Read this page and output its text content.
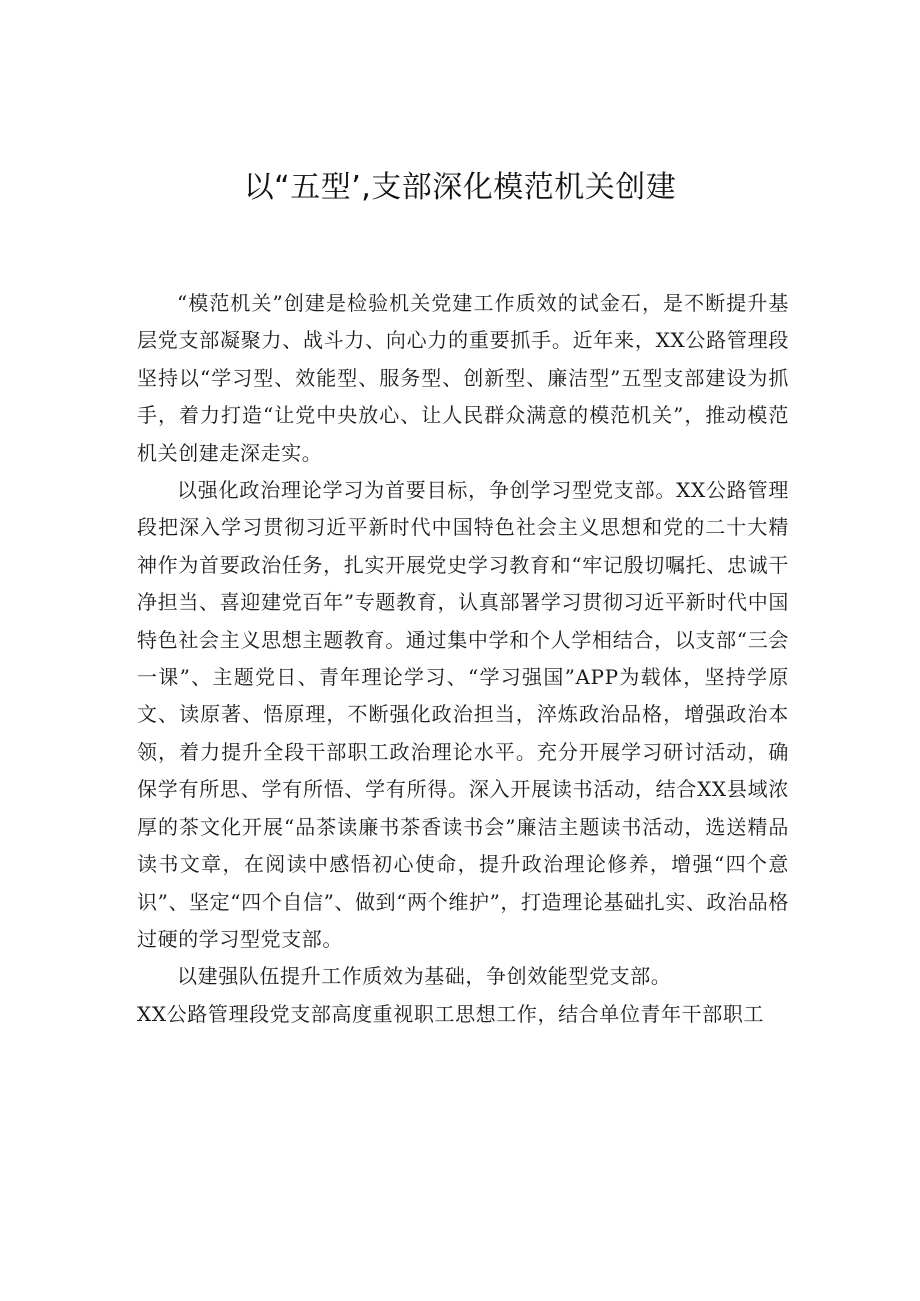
以“五型’,支部深化模范机关创建

“模范机关”创建是检验机关党建工作质效的试金石，是不断提升基层党支部凝聚力、战斗力、向心力的重要抓手。近年来，XX公路管理段坚持以“学习型、效能型、服务型、创新型、廉洁型”五型支部建设为抓手，着力打造“让党中央放心、让人民群众满意的模范机关”，推动模范机关创建走深走实。

以强化政治理论学习为首要目标，争创学习型党支部。XX公路管理段把深入学习贯彻习近平新时代中国特色社会主义思想和党的二十大精神作为首要政治任务，扎实开展党史学习教育和“牢记殷切嘱托、忠诚干净担当、喜迎建党百年”专题教育，认真部署学习贯彻习近平新时代中国特色社会主义思想主题教育。通过集中学和个人学相结合，以支部“三会一课”、主题党日、青年理论学习、“学习强国”APP为载体，坚持学原文、读原著、悟原理，不断强化政治担当，淬炼政治品格，增强政治本领，着力提升全段干部职工政治理论水平。充分开展学习研讨活动，确保学有所思、学有所悟、学有所得。深入开展读书活动，结合XX县域浓厚的茶文化开展“品茶读廉书茶香读书会”廉洁主题读书活动，选送精品读书文章，在阅读中感悟初心使命，提升政治理论修养，增强“四个意识”、坚定“四个自信”、做到“两个维护”，打造理论基础扎实、政治品格过硬的学习型党支部。

以建强队伍提升工作质效为基础，争创效能型党支部。
XX公路管理段党支部高度重视职工思想工作，结合单位青年干部职工
